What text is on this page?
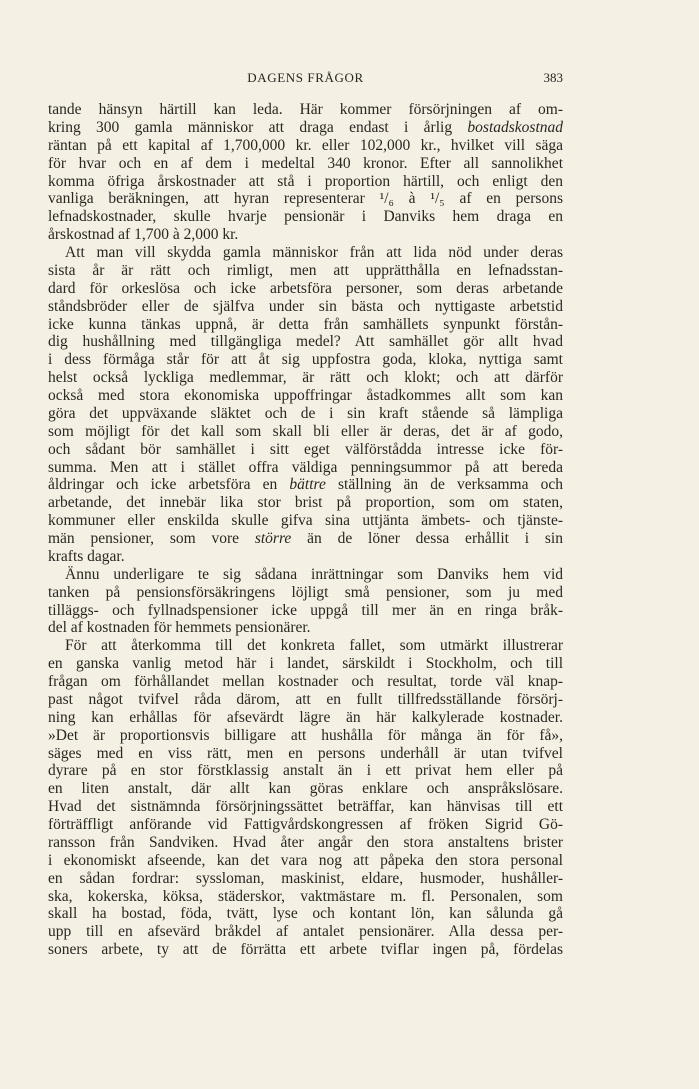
DAGENS FRÅGOR	383
tande hänsyn härtill kan leda. Här kommer försörjningen af om-
kring 300 gamla människor att draga endast i årlig bostadskostnad
räntan på ett kapital af 1,700,000 kr. eller 102,000 kr., hvilket vill säga
för hvar och en af dem i medeltal 340 kronor. Efter all sannolikhet
komma öfriga årskostnader att stå i proportion härtill, och enligt den
vanliga beräkningen, att hyran representerar ¹/₆ à ¹/₅ af en persons
lefnadskostnader, skulle hvarje pensionär i Danviks hem draga en
årskostnad af 1,700 à 2,000 kr.
Att man vill skydda gamla människor från att lida nöd under deras
sista år är rätt och rimligt, men att upprätthålla en lefnadsstan-
dard för orkeslösa och icke arbetsföra personer, som deras arbetande
ståndsbröder eller de själfva under sin bästa och nyttigaste arbetstid
icke kunna tänkas uppnå, är detta från samhällets synpunkt förstån-
dig hushållning med tillgängliga medel? Att samhället gör allt hvad
i dess förmåga står för att åt sig uppfostra goda, kloka, nyttiga samt
helst också lyckliga medlemmar, är rätt och klokt; och att därför
också med stora ekonomiska uppoffringar åstadkommes allt som kan
göra det uppväxande släktet och de i sin kraft stående så lämpliga
som möjligt för det kall som skall bli eller är deras, det är af godo,
och sådant bör samhället i sitt eget välförstådda intresse icke för-
summa. Men att i stället offra väldiga penningsummor på att bereda
åldringar och icke arbetsföra en bättre ställning än de verksamma och
arbetande, det innebär lika stor brist på proportion, som om staten,
kommuner eller enskilda skulle gifva sina uttjänta ämbets- och tjänste-
män pensioner, som vore större än de löner dessa erhållit i sin
krafts dagar.
Ännu underligare te sig sådana inrättningar som Danviks hem vid
tanken på pensionsförsäkringens löjligt små pensioner, som ju med
tilläggs- och fyllnadspensioner icke uppgå till mer än en ringa bråk-
del af kostnaden för hemmets pensionärer.
För att återkomma till det konkreta fallet, som utmärkt illustrerar
en ganska vanlig metod här i landet, särskildt i Stockholm, och till
frågan om förhållandet mellan kostnader och resultat, torde väl knap-
past något tvifvel råda därom, att en fullt tillfredsställande försörj-
ning kan erhållas för afsevärdt lägre än här kalkylerade kostnader.
»Det är proportionsvis billigare att hushålla för många än för få»,
säges med en viss rätt, men en persons underhåll är utan tvifvel
dyrare på en stor förstklassig anstalt än i ett privat hem eller på
en liten anstalt, där allt kan göras enklare och anspråkslösare.
Hvad det sistnämnda försörjningssättet beträffar, kan hänvisas till ett
förträffligt anförande vid Fattigvårdskongressen af fröken Sigrid Gö-
ransson från Sandviken. Hvad åter angår den stora anstaltens brister
i ekonomiskt afseende, kan det vara nog att påpeka den stora personal
en sådan fordrar: syssloman, maskinist, eldare, husmoder, hushåller-
ska, kokerska, köksa, städerskor, vaktmästare m. fl. Personalen, som
skall ha bostad, föda, tvätt, lyse och kontant lön, kan sålunda gå
upp till en afsevärd bråkdel af antalet pensionärer. Alla dessa per-
soners arbete, ty att de förrätta ett arbete tviflar ingen på, fördelas
